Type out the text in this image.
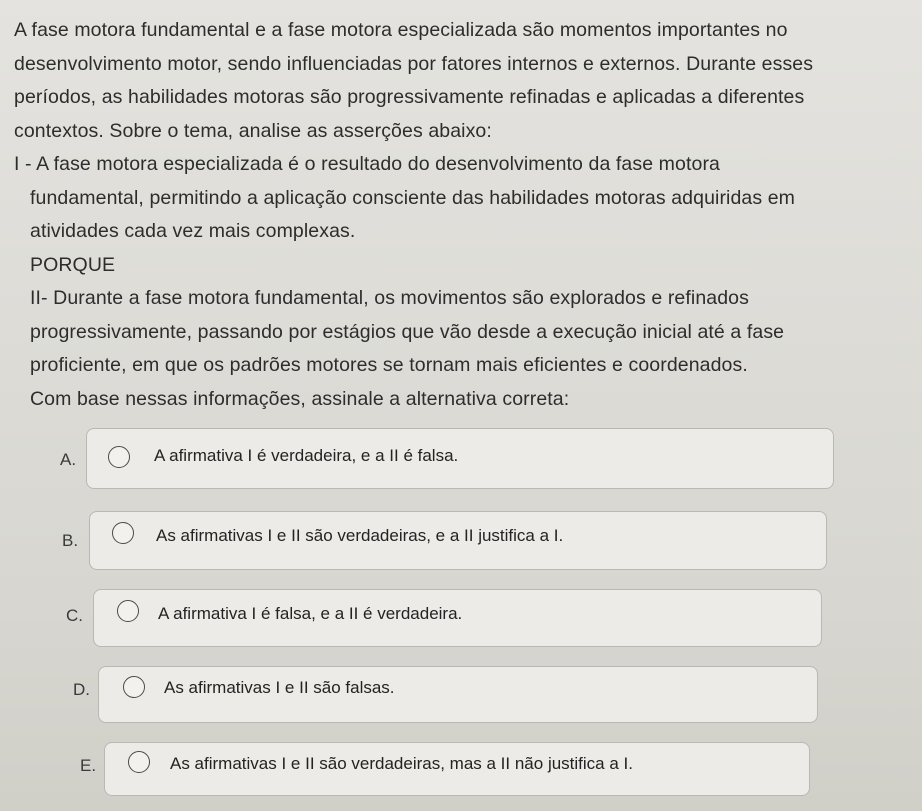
A fase motora fundamental e a fase motora especializada são momentos importantes no
desenvolvimento motor, sendo influenciadas por fatores internos e externos. Durante esses
períodos, as habilidades motoras são progressivamente refinadas e aplicadas a diferentes
contextos. Sobre o tema, analise as asserções abaixo:
I - A fase motora especializada é o resultado do desenvolvimento da fase motora
fundamental, permitindo a aplicação consciente das habilidades motoras adquiridas em
atividades cada vez mais complexas.
PORQUE
II- Durante a fase motora fundamental, os movimentos são explorados e refinados
progressivamente, passando por estágios que vão desde a execução inicial até a fase
proficiente, em que os padrões motores se tornam mais eficientes e coordenados.
Com base nessas informações, assinale a alternativa correta:
A.	A afirmativa I é verdadeira, e a II é falsa.
B.	As afirmativas I e II são verdadeiras, e a II justifica a I.
C.	A afirmativa I é falsa, e a II é verdadeira.
D.	As afirmativas I e II são falsas.
E.	As afirmativas I e II são verdadeiras, mas a II não justifica a I.
